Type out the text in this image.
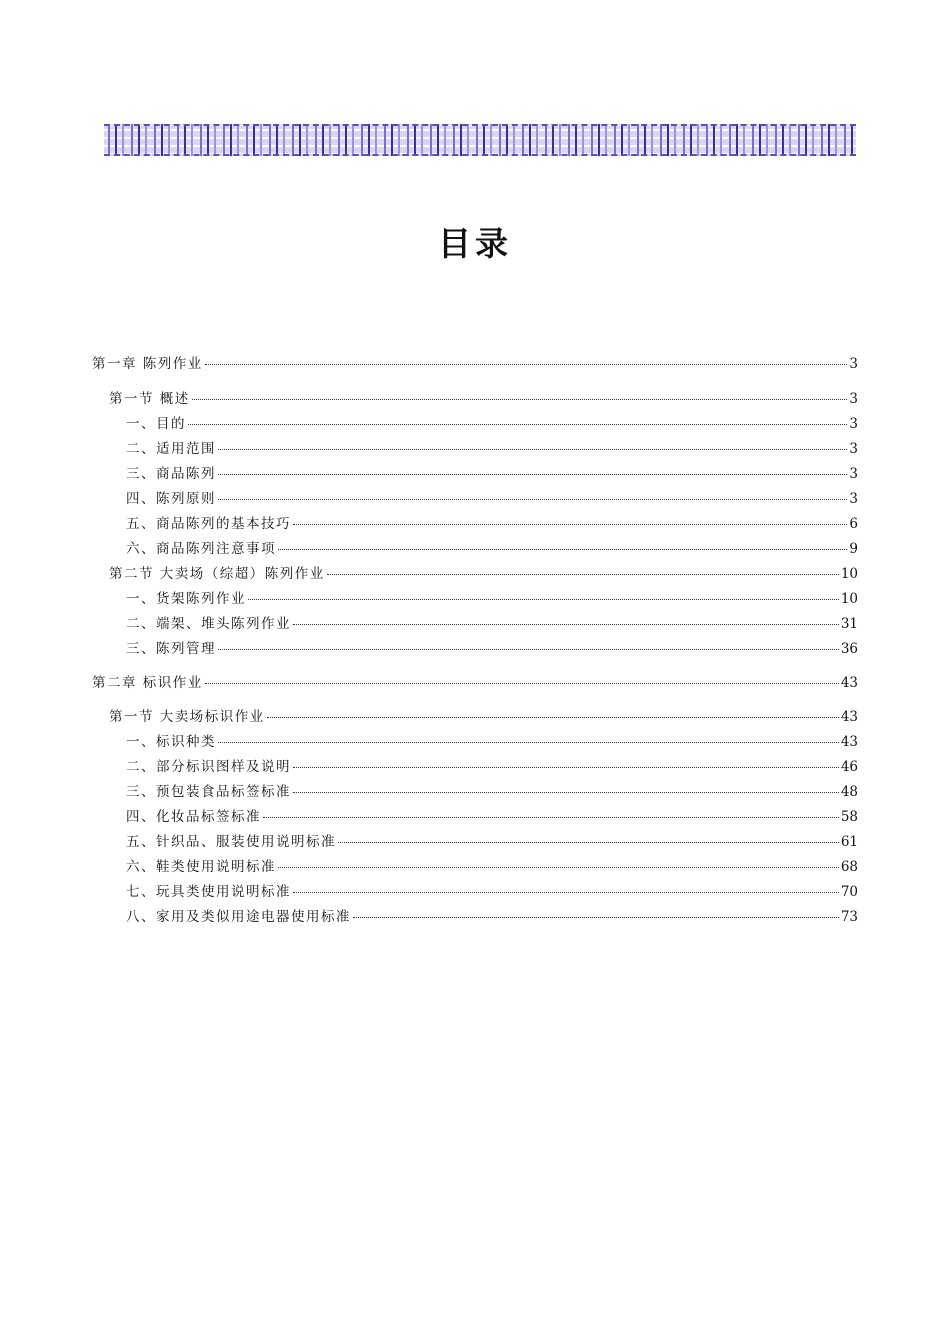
目录
第一章 陈列作业	3
第一节 概述	3
一、目的	3
二、适用范围	3
三、商品陈列	3
四、陈列原则	3
五、商品陈列的基本技巧	6
六、商品陈列注意事项	9
第二节 大卖场（综超）陈列作业	10
一、货架陈列作业	10
二、端架、堆头陈列作业	31
三、陈列管理	36
第二章 标识作业	43
第一节 大卖场标识作业	43
一、标识种类	43
二、部分标识图样及说明	46
三、预包装食品标签标准	48
四、化妆品标签标准	58
五、针织品、服装使用说明标准	61
六、鞋类使用说明标准	68
七、玩具类使用说明标准	70
八、家用及类似用途电器使用标准	73
